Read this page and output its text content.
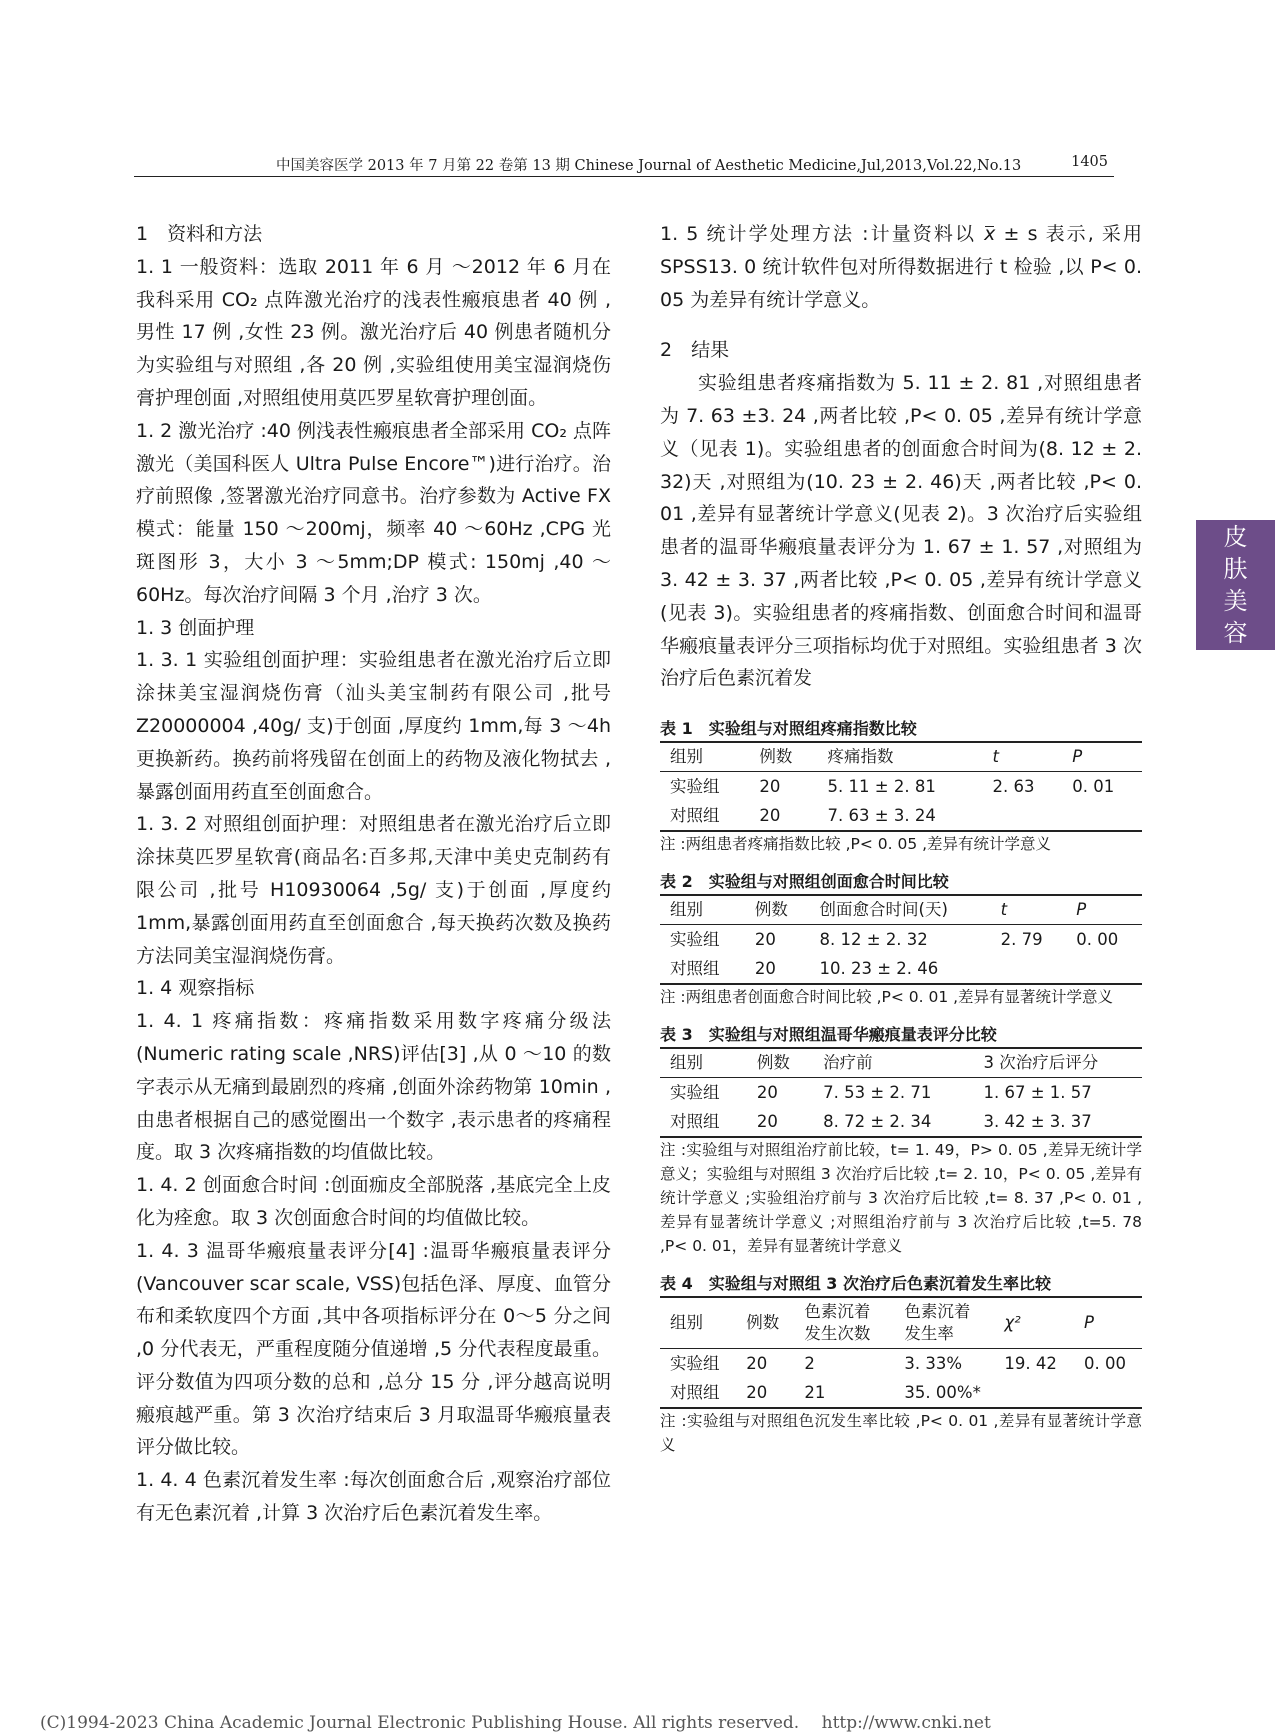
中国美容医学 2013 年 7 月第 22 卷第 13 期 Chinese Journal of Aesthetic Medicine,Jul,2013,Vol.22,No.13	1405
皮
肤
美
容

1　资料和方法

1. 1 一般资料：选取 2011 年 6 月 ～2012 年 6 月在我科采用 CO₂ 点阵激光治疗的浅表性瘢痕患者 40 例 ,男性 17 例 ,女性 23 例。激光治疗后 40 例患者随机分为实验组与对照组 ,各 20 例 ,实验组使用美宝湿润烧伤膏护理创面 ,对照组使用莫匹罗星软膏护理创面。

1. 2 激光治疗 :40 例浅表性瘢痕患者全部采用 CO₂ 点阵激光（美国科医人 Ultra Pulse Encore™)进行治疗。治疗前照像 ,签署激光治疗同意书。治疗参数为 Active FX 模式：能量 150 ～200mj，频率 40 ～60Hz ,CPG 光斑图形 3，大小 3 ～5mm;DP 模式: 150mj ,40 ～60Hz。每次治疗间隔 3 个月 ,治疗 3 次。

1. 3 创面护理

1. 3. 1 实验组创面护理：实验组患者在激光治疗后立即涂抹美宝湿润烧伤膏（汕头美宝制药有限公司 ,批号 Z20000004 ,40g/ 支)于创面 ,厚度约 1mm,每 3 ～4h 更换新药。换药前将残留在创面上的药物及液化物拭去 ,暴露创面用药直至创面愈合。

1. 3. 2 对照组创面护理：对照组患者在激光治疗后立即涂抹莫匹罗星软膏(商品名:百多邦,天津中美史克制药有限公司 ,批号 H10930064 ,5g/ 支)于创面 ,厚度约 1mm,暴露创面用药直至创面愈合 ,每天换药次数及换药方法同美宝湿润烧伤膏。

1. 4 观察指标

1. 4. 1 疼痛指数：疼痛指数采用数字疼痛分级法(Numeric rating scale ,NRS)评估[3] ,从 0 ～10 的数字表示从无痛到最剧烈的疼痛 ,创面外涂药物第 10min ,由患者根据自己的感觉圈出一个数字 ,表示患者的疼痛程度。取 3 次疼痛指数的均值做比较。

1. 4. 2 创面愈合时间 :创面痂皮全部脱落 ,基底完全上皮化为痊愈。取 3 次创面愈合时间的均值做比较。

1. 4. 3 温哥华瘢痕量表评分[4] :温哥华瘢痕量表评分(Vancouver scar scale, VSS)包括色泽、厚度、血管分布和柔软度四个方面 ,其中各项指标评分在 0～5 分之间 ,0 分代表无，严重程度随分值递增 ,5 分代表程度最重。评分数值为四项分数的总和 ,总分 15 分 ,评分越高说明瘢痕越严重。第 3 次治疗结束后 3 月取温哥华瘢痕量表评分做比较。

1. 4. 4 色素沉着发生率 :每次创面愈合后 ,观察治疗部位有无色素沉着 ,计算 3 次治疗后色素沉着发生率。

1. 5 统计学处理方法 :计量资料以 x ± s 表示, 采用 SPSS13. 0 统计软件包对所得数据进行 t 检验 ,以 P< 0. 05 为差异有统计学意义。

2　结果

实验组患者疼痛指数为 5. 11 ± 2. 81 ,对照组患者为 7. 63 ±3. 24 ,两者比较 ,P< 0. 05 ,差异有统计学意义（见表 1)。实验组患者的创面愈合时间为(8. 12 ± 2. 32)天 ,对照组为(10. 23 ± 2. 46)天 ,两者比较 ,P< 0. 01 ,差异有显著统计学意义(见表 2)。3 次治疗后实验组患者的温哥华瘢痕量表评分为 1. 67 ± 1. 57 ,对照组为 3. 42 ± 3. 37 ,两者比较 ,P< 0. 05 ,差异有统计学意义(见表 3)。实验组患者的疼痛指数、创面愈合时间和温哥华瘢痕量表评分三项指标均优于对照组。实验组患者 3 次治疗后色素沉着发

表 1　实验组与对照组疼痛指数比较

组别	例数	疼痛指数	t	P
实验组	20	5. 11 ± 2. 81	2. 63	0. 01
对照组	20	7. 63 ± 3. 24		

注 :两组患者疼痛指数比较 ,P< 0. 05 ,差异有统计学意义

表 2　实验组与对照组创面愈合时间比较

组别	例数	创面愈合时间(天)	t	P
实验组	20	8. 12 ± 2. 32	2. 79	0. 00
对照组	20	10. 23 ± 2. 46		

注 :两组患者创面愈合时间比较 ,P< 0. 01 ,差异有显著统计学意义

表 3　实验组与对照组温哥华瘢痕量表评分比较

组别	例数	治疗前	3 次治疗后评分
实验组	20	7. 53 ± 2. 71	1. 67 ± 1. 57
对照组	20	8. 72 ± 2. 34	3. 42 ± 3. 37

注 :实验组与对照组治疗前比较，t= 1. 49，P> 0. 05 ,差异无统计学意义；实验组与对照组 3 次治疗后比较 ,t= 2. 10，P< 0. 05 ,差异有统计学意义 ;实验组治疗前与 3 次治疗后比较 ,t= 8. 37 ,P< 0. 01 ,差异有显著统计学意义 ;对照组治疗前与 3 次治疗后比较 ,t=5. 78 ,P< 0. 01，差异有显著统计学意义

表 4　实验组与对照组 3 次治疗后色素沉着发生率比较

组别	例数	色素沉着发生次数	色素沉着发生率	χ²	P
实验组	20	2	3. 33%	19. 42	0. 00
对照组	20	21	35. 00%*		

注 :实验组与对照组色沉发生率比较 ,P< 0. 01 ,差异有显著统计学意义

(C)1994-2023 China Academic Journal Electronic Publishing House. All rights reserved.　 http://www.cnki.net
